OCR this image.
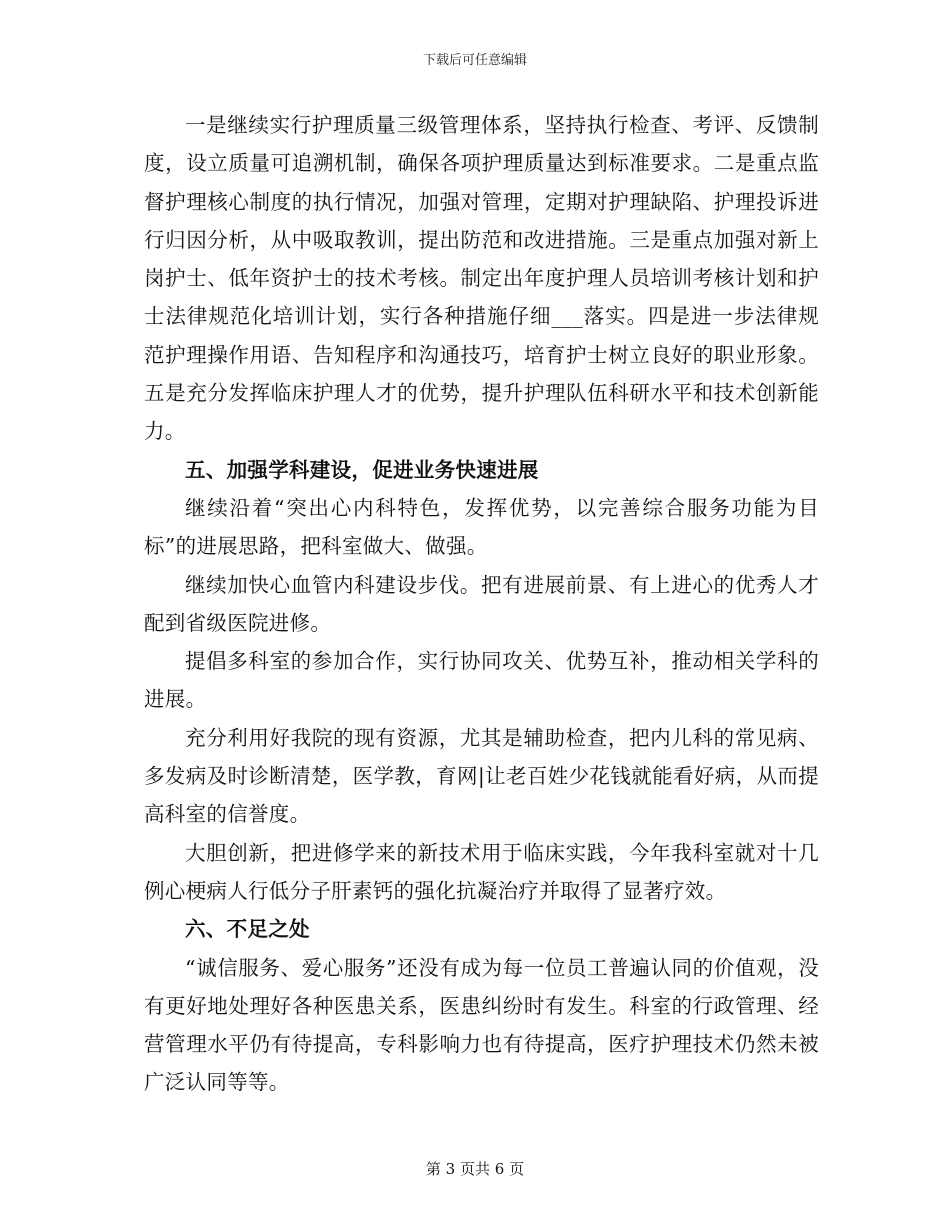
下载后可任意编辑

一是继续实行护理质量三级管理体系，坚持执行检查、考评、反馈制度，设立质量可追溯机制，确保各项护理质量达到标准要求。二是重点监督护理核心制度的执行情况，加强对管理，定期对护理缺陷、护理投诉进行归因分析，从中吸取教训，提出防范和改进措施。三是重点加强对新上岗护士、低年资护士的技术考核。制定出年度护理人员培训考核计划和护士法律规范化培训计划，实行各种措施仔细___落实。四是进一步法律规范护理操作用语、告知程序和沟通技巧，培育护士树立良好的职业形象。五是充分发挥临床护理人才的优势，提升护理队伍科研水平和技术创新能力。

五、加强学科建设，促进业务快速进展

继续沿着“突出心内科特色，发挥优势，以完善综合服务功能为目标”的进展思路，把科室做大、做强。

继续加快心血管内科建设步伐。把有进展前景、有上进心的优秀人才配到省级医院进修。

提倡多科室的参加合作，实行协同攻关、优势互补，推动相关学科的进展。

充分利用好我院的现有资源，尤其是辅助检查，把内儿科的常见病、多发病及时诊断清楚，医学教，育网|让老百姓少花钱就能看好病，从而提高科室的信誉度。

大胆创新，把进修学来的新技术用于临床实践，今年我科室就对十几例心梗病人行低分子肝素钙的强化抗凝治疗并取得了显著疗效。

六、不足之处

“诚信服务、爱心服务”还没有成为每一位员工普遍认同的价值观，没有更好地处理好各种医患关系，医患纠纷时有发生。科室的行政管理、经营管理水平仍有待提高，专科影响力也有待提高，医疗护理技术仍然未被广泛认同等等。

第 3 页共 6 页
